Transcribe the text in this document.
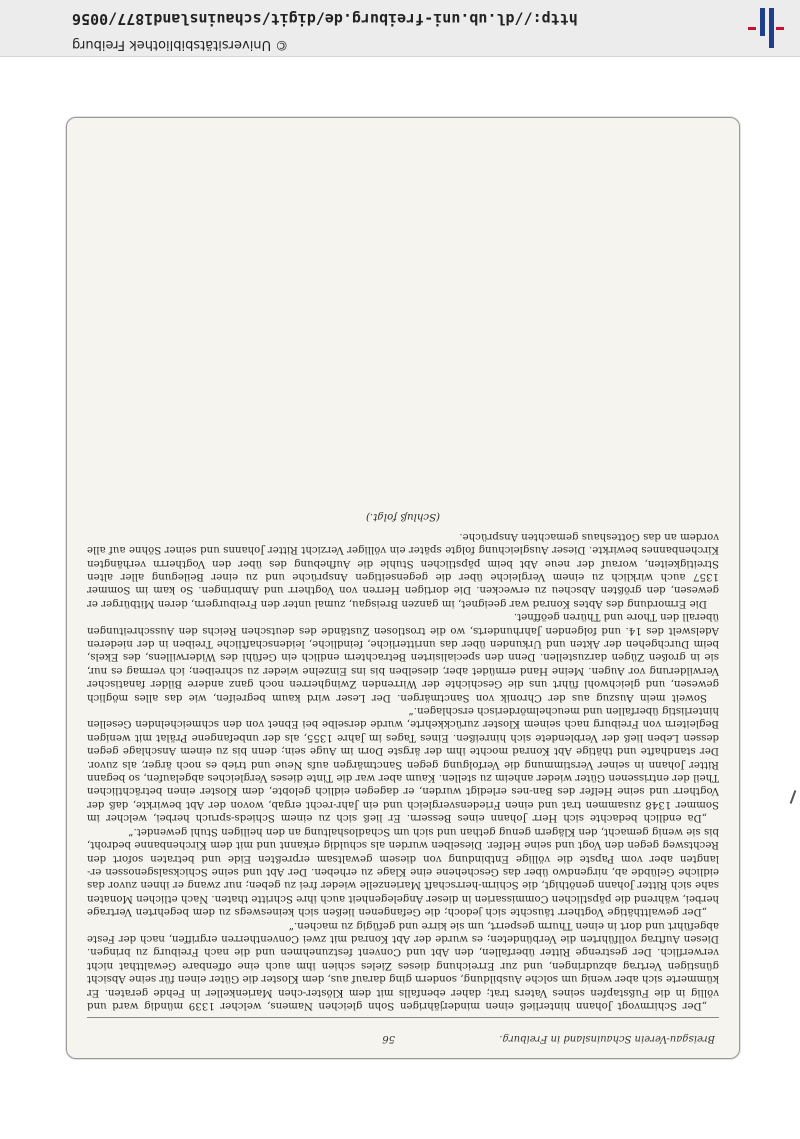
© Universitätsbibliothek Freiburg
http://dl.ub.uni-freiburg.de/digit/schauinsland1877/0056
Breisgau-Verein Schauinsland in Freiburg.
56

„Der Schirmvogt Johann hinterließ einen minderjährigen Sohn gleichen Namens, welcher 1339 mündig ward und völlig in die Fußstapfen seines Vaters trat; daher ebenfalls mit dem Klöster-chen Marienkeller in Fehde geraten. Er kümmerte sich aber wenig um solche Ausbildung, sondern ging darauf aus, dem Kloster die Güter einen für seine Absicht günstigen Vertrag abzudringen, und zur Erreichung dieses Zieles schien ihm auch eine offenbare Gewaltthat nicht verwerflich. Der gestrenge Ritter überfallen, den Abt und Convent festzunehmen und die nach Freiburg zu bringen. Diesen Auftrag vollführten die Verbündeten; es wurde der Abt Konrad mit zwei Conventherren ergriffen, nach der Feste abgeführt und dort in einen Thurm gesperrt, um sie kirre und gefügig zu machen.“

„Der gewaltthätige Vogtherr täuschte sich jedoch; die Gefangenen ließen sich keineswegs zu dem begehrten Vertrage herbei, während die päpstlichen Commissarien in dieser Angelegenheit auch ihre Schritte thaten. Nach etlichen Monaten sahe sich Ritter Johann genöthigt, die Schirm-herrschaft Marienzelle wieder frei zu geben; nur zwang er ihnen zuvor das eidliche Gelübde ab, nirgendwo über das Geschehene eine Klage zu erheben. Der Abt und seine Schicksalsgenossen er-langten aber vom Papste die völlige Entbindung von diesem gewaltsam erpreßten Eide und betraten sofort den Rechtsweg gegen den Vogt und seine Helfer. Dieselben wurden als schuldig erkannt und mit dem Kirchenbanne bedroht, bis sie wenig gemacht, den Klägern genug gethan und sich um Schadloshaltung an den heiligen Stuhl gewendet.“

„Da endlich bedachte sich Herr Johann eines Bessern. Er ließ sich zu einem Schieds-spruch herbei, welcher im Sommer 1348 zusammen trat und einen Friedensvergleich und ein Jahr-recht ergab, wovon der Abt bewirkte, daß der Vogtherr und seine Helfer des Ban-nes erledigt wurden, er dagegen eidlich gelobte, dem Kloster einen beträchtlichen Theil der entrissenen Güter wieder anheim zu stellen. Kaum aber war die Tinte dieses Vergleiches abgelaufen, so begann Ritter Johann in seiner Verstimmung die Verfolgung gegen Sanctmärgen aufs Neue und trieb es noch ärger, als zuvor. Der standhafte und thätige Abt Konrad mochte ihm der ärgste Dorn im Auge sein; denn bis zu einem Anschlage gegen dessen Leben ließ der Verblendete sich hinreißen. Eines Tages im Jahre 1355, als der unbefangene Prälat mit wenigen Begleitern von Freiburg nach seinem Kloster zurückkehrte, wurde derselbe bei Ebnet von den schmeichelnden Gesellen hinterlistig überfallen und meuchelmörderisch erschlagen.“

Soweit mein Auszug aus der Chronik von Sanctmärgen. Der Leser wird kaum begreifen, wie das alles möglich gewesen, und gleichwohl führt uns die Geschichte der Wirrenden Zwingherren noch ganz andere Bilder fanatischer Verwilderung vor Augen. Meine Hand ermüdet aber, dieselben bis ins Einzelne wieder zu schreiben; ich vermag es nur, sie in großen Zügen darzustellen. Denn den specialisirten Betrachtern endlich ein Gefühl des Widerwillens, des Ekels, beim Durchgehen der Akten und Urkunden über das unritterliche, feindliche, leidenschaftliche Treiben in der niederen Adelswelt des 14. und folgenden Jahrhunderts, wo die trostlosen Zustände des deutschen Reichs den Ausschreitungen überall den Thore und Thüren geöffnet.

Die Ermordung des Abtes Konrad war geeignet, im ganzen Breisgau, zumal unter den Freiburgern, deren Mitbürger er gewesen, den größten Abscheu zu erwecken. Die dortigen Herren von Vogtherr und Ambringen. So kam im Sommer 1357 auch wirklich zu einem Vergleiche über die gegenseitigen Ansprüche und zu einer Beilegung aller alten Streitigkeiten, worauf der neue Abt beim päpstlichen Stuhle die Aufhebung des über den Vogtherrn verhängten Kirchenbannes bewirkte. Dieser Ausgleichung folgte später ein völliger Verzicht Ritter Johanns und seiner Söhne auf alle vordem an das Gotteshaus gemachten Ansprüche.

(Schluß folgt.)
